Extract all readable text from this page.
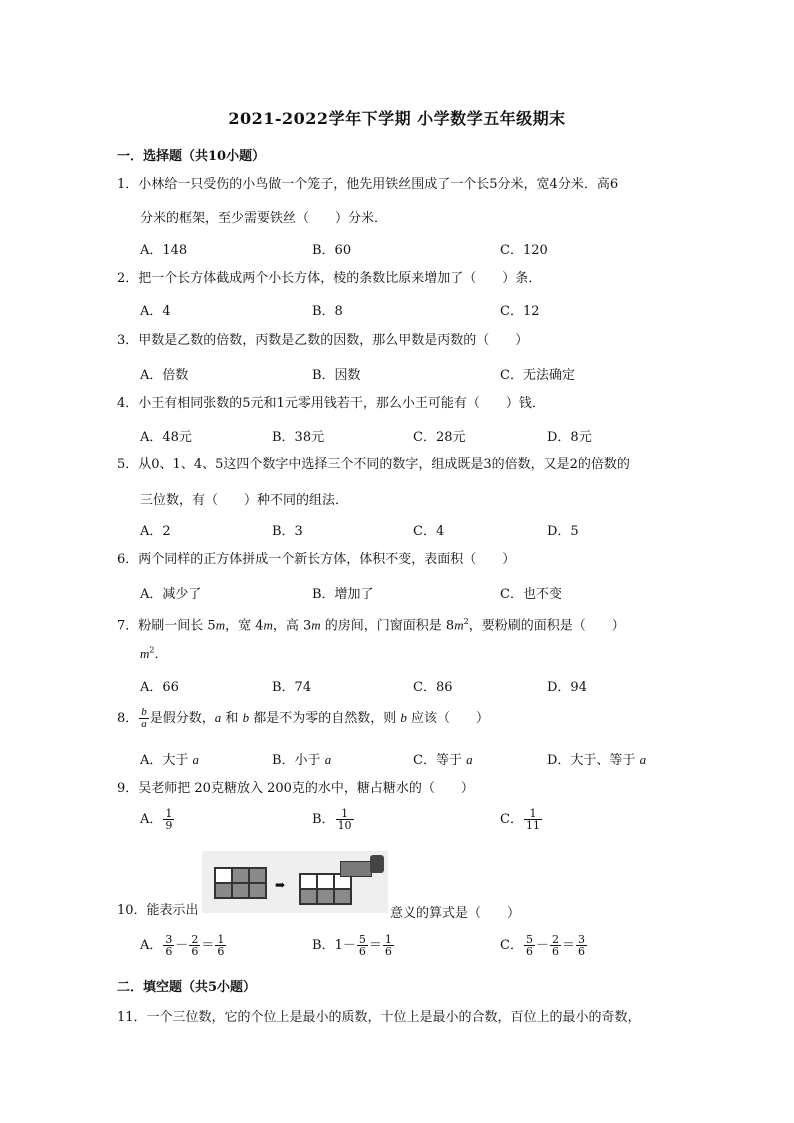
2021-2022学年下学期 小学数学五年级期末
一．选择题（共10小题）
1．小林给一只受伤的小鸟做一个笼子，他先用铁丝围成了一个长5分米，宽4分米．高6
分米的框架，至少需要铁丝（　　）分米．
A．148	B．60	C．120
2．把一个长方体截成两个小长方体，棱的条数比原来增加了（　　）条．
A．4	B．8	C．12
3．甲数是乙数的倍数，丙数是乙数的因数，那么甲数是丙数的（　　）
A．倍数	B．因数	C．无法确定
4．小王有相同张数的5元和1元零用钱若干，那么小王可能有（　　）钱．
A．48元	B．38元	C．28元	D．8元
5．从0、1、4、5这四个数字中选择三个不同的数字，组成既是3的倍数，又是2的倍数的
三位数，有（　　）种不同的组法．
A．2	B．3	C．4	D．5
6．两个同样的正方体拼成一个新长方体，体积不变，表面积（　　）
A．减少了	B．增加了	C．也不变
7．粉刷一间长 5m，宽 4m，高 3m 的房间，门窗面积是 $8m^2$，要粉刷的面积是（　　）
$m^2$．
A．66	B．74	C．86	D．94
8． $\frac{b}{a}$ 是假分数，a 和 b 都是不为零的自然数，则 b 应该（　　）
A．大于 a	B．小于 a	C．等于 a	D．大于、等于 a
9．吴老师把 20克糖放入 200克的水中，糖占糖水的（　　）
A． $\frac{1}{9}$	B． $\frac{1}{10}$	C． $\frac{1}{11}$
➡
10．能表示出	意义的算式是（　　）
A． $\frac{3}{6} - \frac{2}{6} = \frac{1}{6}$	B．$1- \frac{5}{6} = \frac{1}{6}$	C． $\frac{5}{6} - \frac{2}{6} = \frac{3}{6}$
二．填空题（共5小题）
11．一个三位数，它的个位上是最小的质数，十位上是最小的合数，百位上的最小的奇数，
